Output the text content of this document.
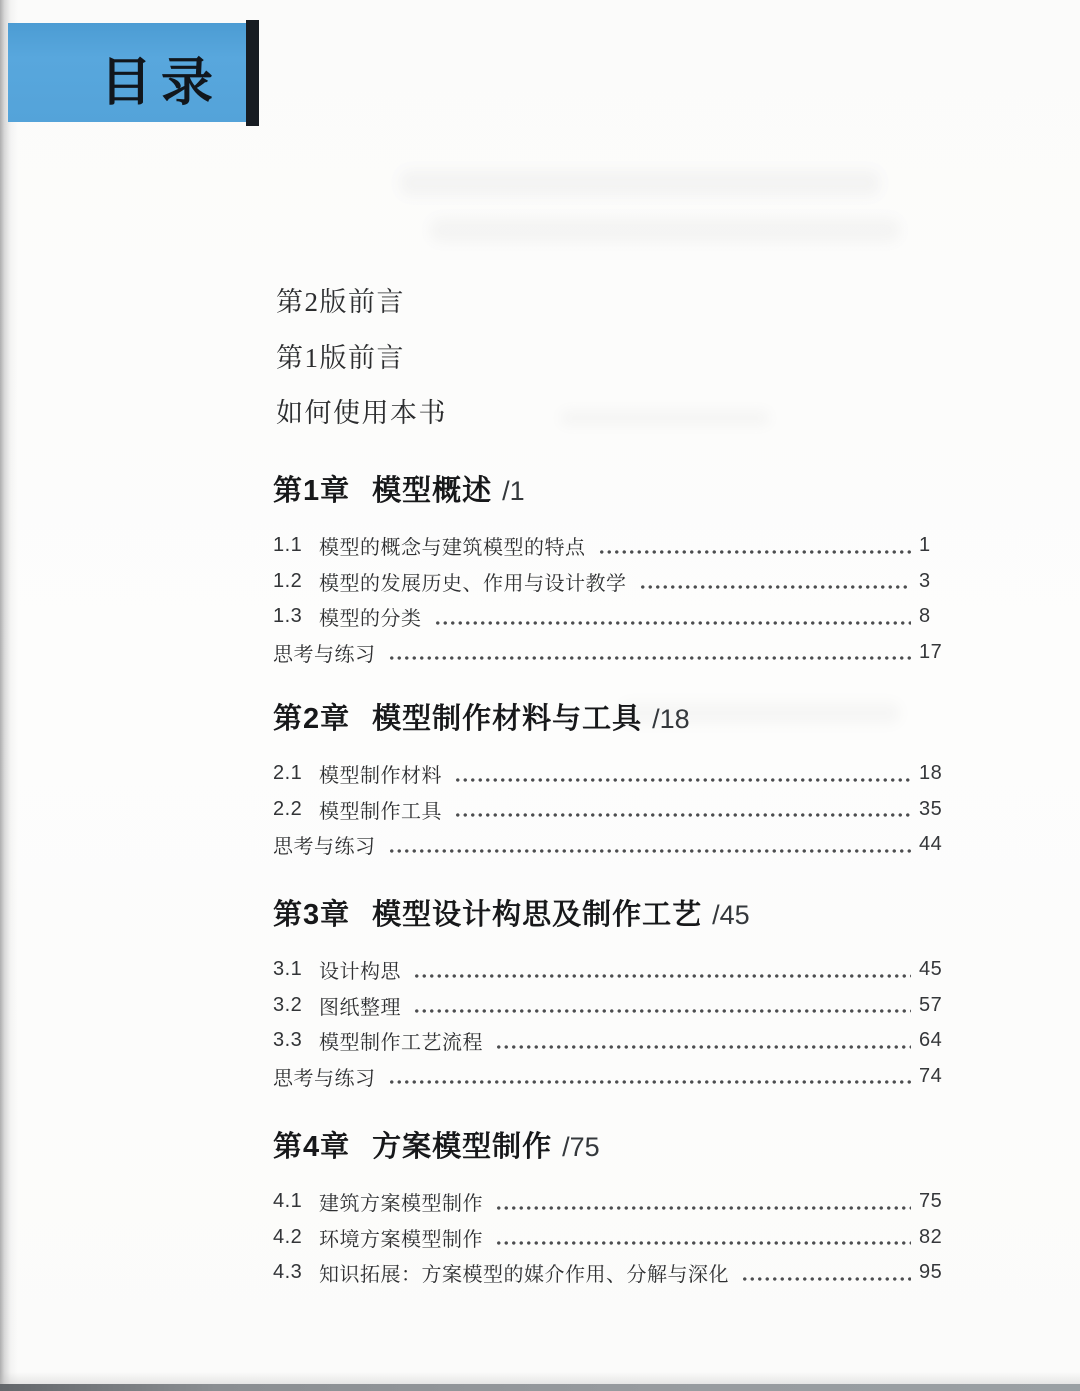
目录
第2版前言
第1版前言
如何使用本书
第1章 模型概述 /1
1.1 模型的概念与建筑模型的特点	1
1.2 模型的发展历史、作用与设计教学	3
1.3 模型的分类	8
思考与练习	17
第2章 模型制作材料与工具 /18
2.1 模型制作材料	18
2.2 模型制作工具	35
思考与练习	44
第3章 模型设计构思及制作工艺 /45
3.1 设计构思	45
3.2 图纸整理	57
3.3 模型制作工艺流程	64
思考与练习	74
第4章 方案模型制作 /75
4.1 建筑方案模型制作	75
4.2 环境方案模型制作	82
4.3 知识拓展：方案模型的媒介作用、分解与深化	95
